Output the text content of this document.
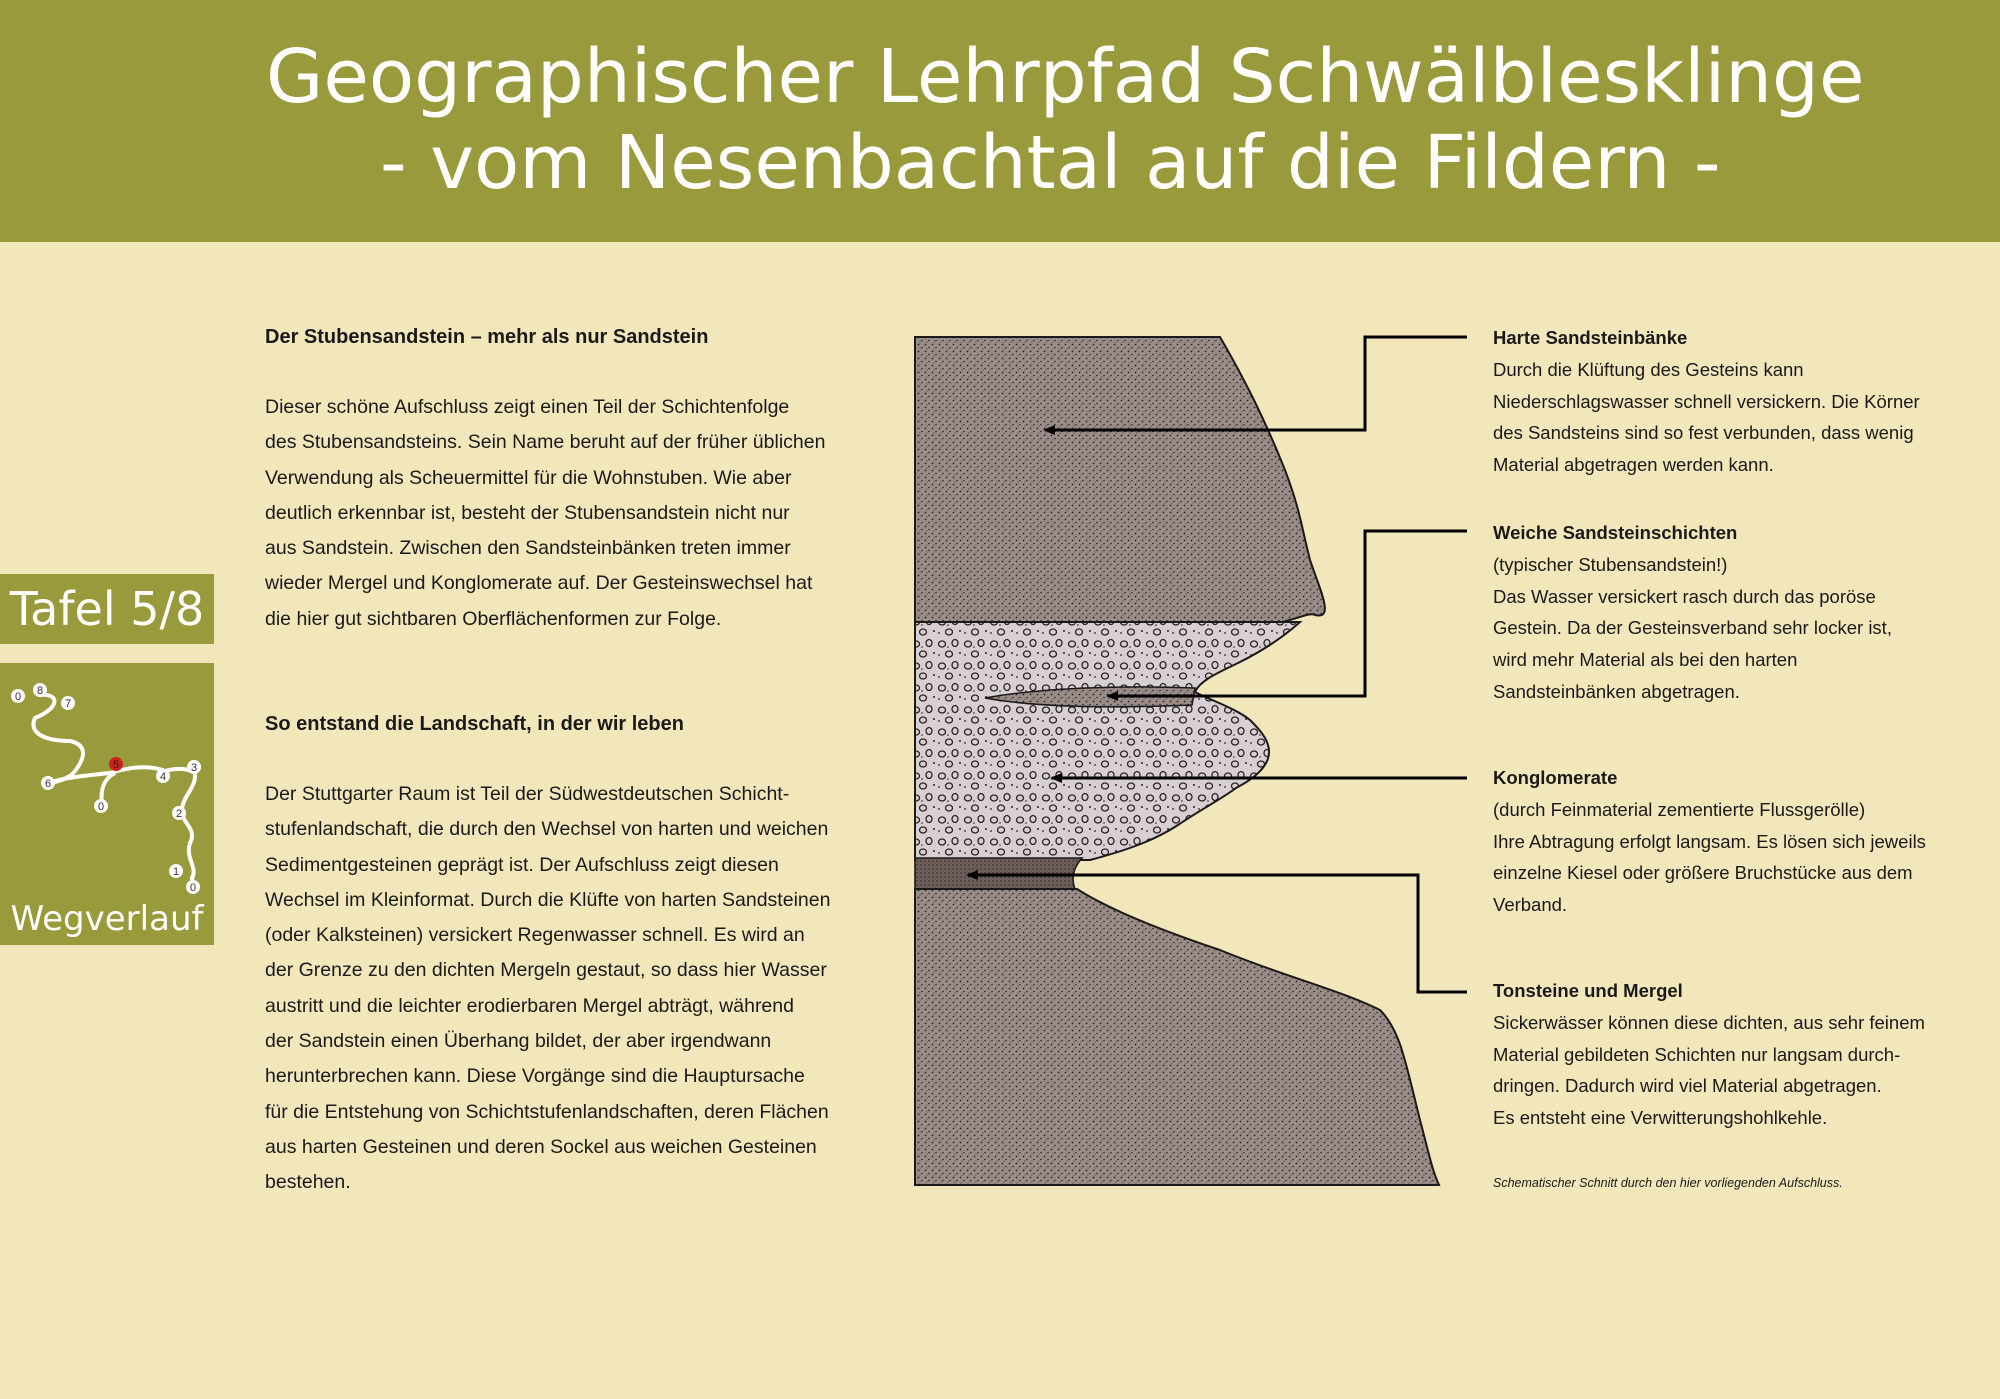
Geographischer Lehrpfad Schwälblesklinge
- vom Nesenbachtal auf die Fildern -
Tafel 5/8
0 8
7
6
5
0
4
3
2
1
0
Wegverlauf
Der Stubensandstein – mehr als nur Sandstein
Dieser schöne Aufschluss zeigt einen Teil der Schichtenfolge
des Stubensandsteins. Sein Name beruht auf der früher üblichen
Verwendung als Scheuermittel für die Wohnstuben. Wie aber
deutlich erkennbar ist, besteht der Stubensandstein nicht nur
aus Sandstein. Zwischen den Sandsteinbänken treten immer
wieder Mergel und Konglomerate auf. Der Gesteinswechsel hat
die hier gut sichtbaren Oberflächenformen zur Folge.
So entstand die Landschaft, in der wir leben
Der Stuttgarter Raum ist Teil der Südwestdeutschen Schicht-
stufenlandschaft, die durch den Wechsel von harten und weichen
Sedimentgesteinen geprägt ist. Der Aufschluss zeigt diesen
Wechsel im Kleinformat. Durch die Klüfte von harten Sandsteinen
(oder Kalksteinen) versickert Regenwasser schnell. Es wird an
der Grenze zu den dichten Mergeln gestaut, so dass hier Wasser
austritt und die leichter erodierbaren Mergel abträgt, während
der Sandstein einen Überhang bildet, der aber irgendwann
herunterbrechen kann. Diese Vorgänge sind die Hauptursache
für die Entstehung von Schichtstufenlandschaften, deren Flächen
aus harten Gesteinen und deren Sockel aus weichen Gesteinen
bestehen.
Harte Sandsteinbänke
Durch die Klüftung des Gesteins kann
Niederschlagswasser schnell versickern. Die Körner
des Sandsteins sind so fest verbunden, dass wenig
Material abgetragen werden kann.
Weiche Sandsteinschichten
(typischer Stubensandstein!)
Das Wasser versickert rasch durch das poröse
Gestein. Da der Gesteinsverband sehr locker ist,
wird mehr Material als bei den harten
Sandsteinbänken abgetragen.
Konglomerate
(durch Feinmaterial zementierte Flussgerölle)
Ihre Abtragung erfolgt langsam. Es lösen sich jeweils
einzelne Kiesel oder größere Bruchstücke aus dem
Verband.
Tonsteine und Mergel
Sickerwässer können diese dichten, aus sehr feinem
Material gebildeten Schichten nur langsam durch-
dringen. Dadurch wird viel Material abgetragen.
Es entsteht eine Verwitterungshohlkehle.
Schematischer Schnitt durch den hier vorliegenden Aufschluss.
